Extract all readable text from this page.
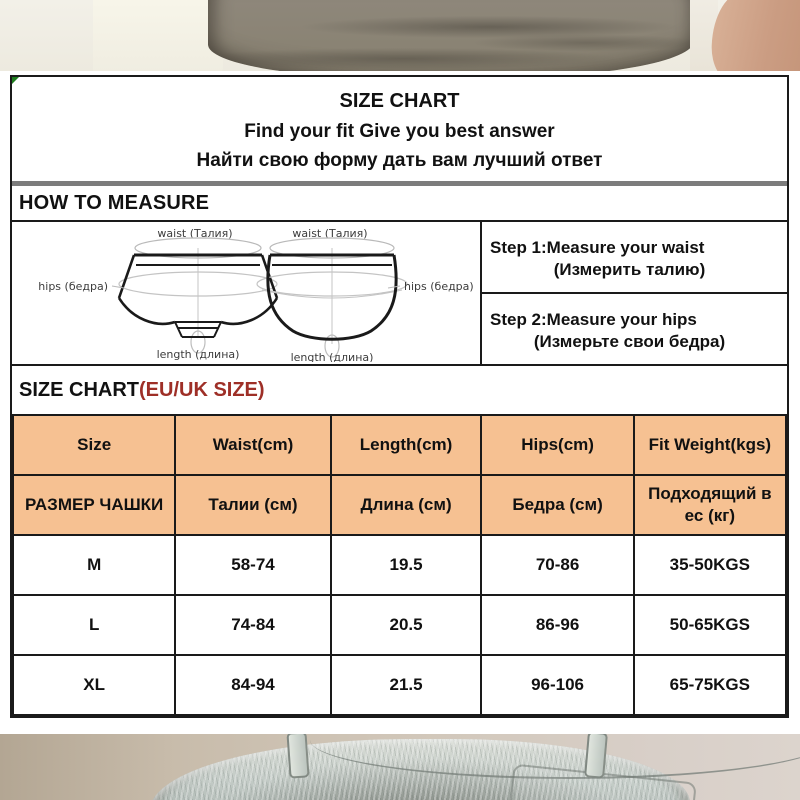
SIZE CHART
Find your fit Give you best answer
Найти свою форму дать вам лучший ответ
HOW TO MEASURE
waist (Талия)
hips (бедра)
length (длина)
waist (Талия)
hips (бедра)
length (длина)
Step 1:Measure your waist
(Измерить талию)
Step 2:Measure your hips
(Измерьте свои бедра)
SIZE CHART (EU/UK SIZE)
Size	Waist(cm)	Length(cm)	Hips(cm)	Fit Weight(kgs)
РАЗМЕР ЧАШКИ	Талии (см)	Длина (см)	Бедра (см)	Подходящий в
ес (кг)

M	58-74	19.5	70-86	35-50KGS
L	74-84	20.5	86-96	50-65KGS
XL	84-94	21.5	96-106	65-75KGS
